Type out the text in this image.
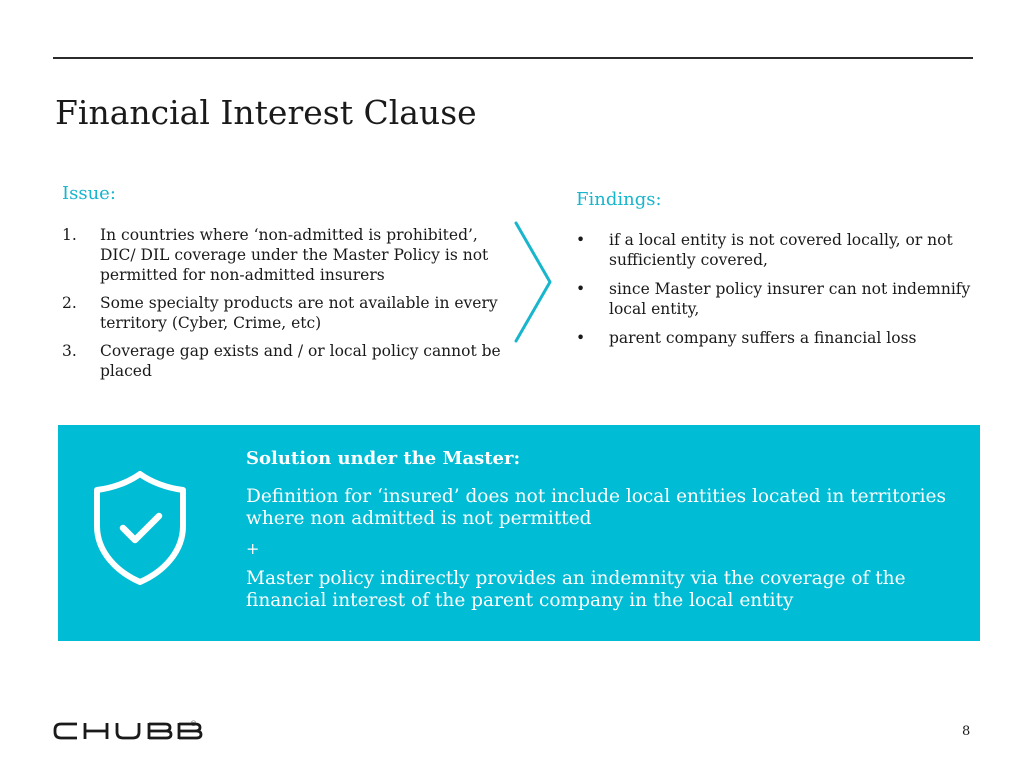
Financial Interest Clause
Issue:
1. In countries where ‘non-admitted is prohibited’, DIC/ DIL coverage under the Master Policy is not permitted for non-admitted insurers
2. Some specialty products are not available in every territory (Cyber, Crime, etc)
3. Coverage gap exists and / or local policy cannot be placed
Findings:
• if a local entity is not covered locally, or not sufficiently covered,
• since Master policy insurer can not indemnify local entity,
• parent company suffers a financial loss
Solution under the Master:
Definition for ‘insured’ does not include local entities located in territories where non admitted is not permitted
+
Master policy indirectly provides an indemnity via the coverage of the financial interest of the parent company in the local entity
®	8
